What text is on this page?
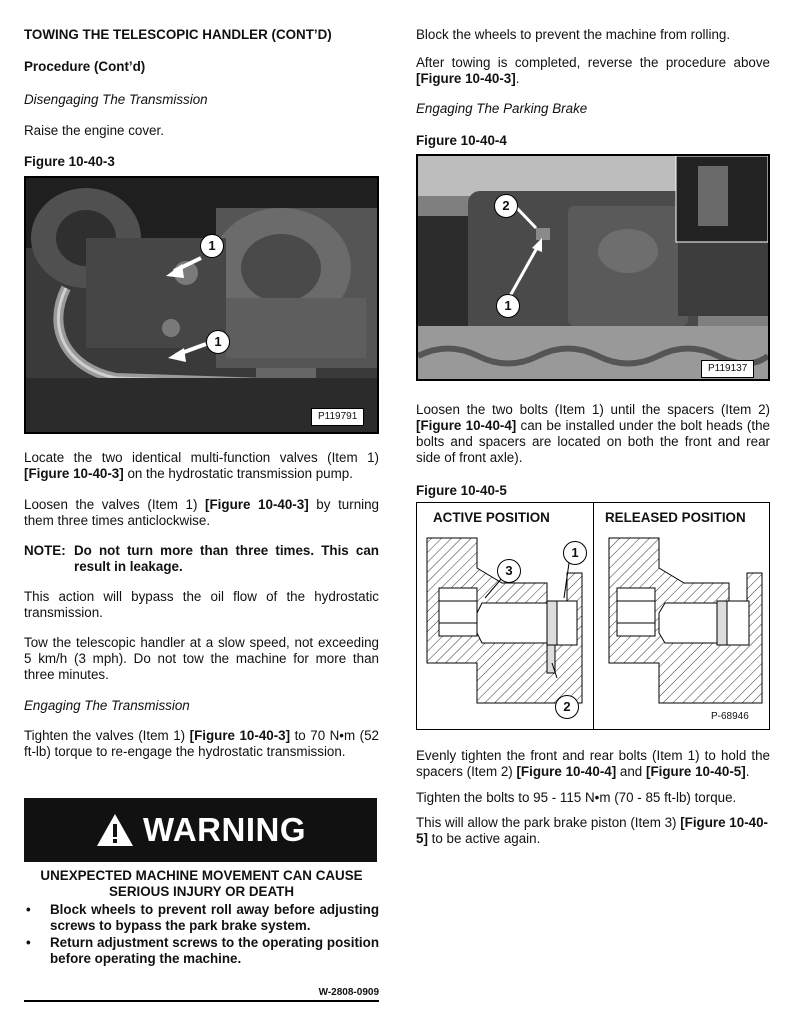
TOWING THE TELESCOPIC HANDLER (CONT’D)

Procedure (Cont’d)

Disengaging The Transmission

Raise the engine cover.

Figure 10-40-3

1
1
P119791

Locate the two identical multi-function valves (Item 1) [Figure 10-40-3] on the hydrostatic transmission pump.

Loosen the valves (Item 1) [Figure 10-40-3] by turning them three times anticlockwise.

NOTE: Do not turn more than three times. This can result in leakage.

This action will bypass the oil flow of the hydrostatic transmission.

Tow the telescopic handler at a slow speed, not exceeding 5 km/h (3 mph). Do not tow the machine for more than three minutes.

Engaging The Transmission

Tighten the valves (Item 1) [Figure 10-40-3] to 70 N•m (52 ft-lb) torque to re-engage the hydrostatic transmission.

WARNING

UNEXPECTED MACHINE MOVEMENT CAN CAUSE SERIOUS INJURY OR DEATH

• Block wheels to prevent roll away before adjusting screws to bypass the park brake system.
• Return adjustment screws to the operating position before operating the machine.
W-2808-0909

Block the wheels to prevent the machine from rolling.

After towing is completed, reverse the procedure above [Figure 10-40-3].

Engaging The Parking Brake

Figure 10-40-4

2
1
P119137

Loosen the two bolts (Item 1) until the spacers (Item 2) [Figure 10-40-4] can be installed under the bolt heads (the bolts and spacers are located on both the front and rear side of front axle).

Figure 10-40-5

ACTIVE POSITION	RELEASED POSITION
1
3
2
P-68946

Evenly tighten the front and rear bolts (Item 1) to hold the spacers (Item 2) [Figure 10-40-4] and [Figure 10-40-5].

Tighten the bolts to 95 - 115 N•m (70 - 85 ft-lb) torque.

This will allow the park brake piston (Item 3) [Figure 10-40-5] to be active again.
